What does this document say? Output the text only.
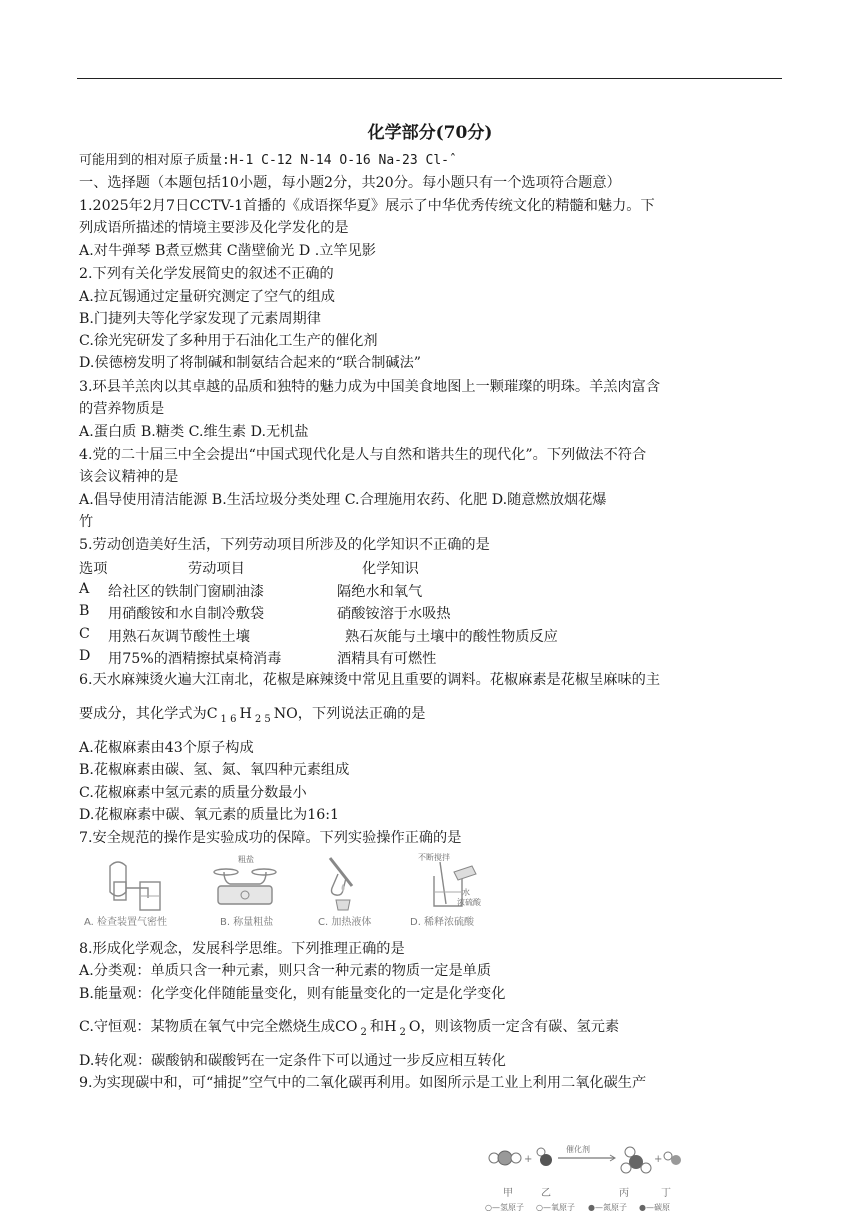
化学部分(70分)
可能用到的相对原子质量:H-1 C-12 N-14 O-16 Na-23 Cl-ˆ
一、选择题（本题包括10小题，每小题2分，共20分。每小题只有一个选项符合题意）
1.2025年2月7日CCTV-1首播的《成语探华夏》展示了中华优秀传统文化的精髓和魅力。下
列成语所描述的情境主要涉及化学发化的是
A.对牛弹琴 B煮豆燃萁 C凿壁偷光 D .立竿见影
2.下列有关化学发展简史的叙述不正确的
A.拉瓦锡通过定量研究测定了空气的组成
B.门捷列夫等化学家发现了元素周期律
C.徐光宪研发了多种用于石油化工生产的催化剂
D.侯德榜发明了将制碱和制氨结合起来的“联合制碱法”
3.环县羊羔肉以其卓越的品质和独特的魅力成为中国美食地图上一颗璀璨的明珠。羊羔肉富含
的营养物质是
A.蛋白质 B.糖类 C.维生素 D.无机盐
4.党的二十届三中全会提出“中国式现代化是人与自然和谐共生的现代化”。下列做法不符合
该会议精神的是
A.倡导使用清洁能源 B.生活垃圾分类处理 C.合理施用农药、化肥 D.随意燃放烟花爆
竹
5.劳动创造美好生活，下列劳动项目所涉及的化学知识不正确的是
选项	劳动项目	化学知识
A 给社区的铁制门窗刷油漆	隔绝水和氧气
B 用硝酸铵和水自制冷敷袋	硝酸铵溶于水吸热
C 用熟石灰调节酸性土壤	熟石灰能与土壤中的酸性物质反应
D 用75%的酒精擦拭桌椅消毒	酒精具有可燃性
6.天水麻辣烫火遍大江南北，花椒是麻辣烫中常见且重要的调料。花椒麻素是花椒呈麻味的主
要成分，其化学式为C $_{1 6}$ H $_{2 5}$ NO，下列说法正确的是
A.花椒麻素由43个原子构成
B.花椒麻素由碳、氢、氮、氧四种元素组成
C.花椒麻素中氢元素的质量分数最小
D.花椒麻素中碳、氧元素的质量比为16:1
7.安全规范的操作是实验成功的保障。下列实验操作正确的是
粗盐	不断搅拌
水
浓硫酸
A. 检查装置气密性	B. 称量粗盐	C. 加热液体	D. 稀释浓硫酸
8.形成化学观念，发展科学思维。下列推理正确的是
A.分类观：单质只含一种元素，则只含一种元素的物质一定是单质
B.能量观：化学变化伴随能量变化，则有能量变化的一定是化学变化
C.守恒观：某物质在氧气中完全燃烧生成CO $_2$ 和H $_2$ O，则该物质一定含有碳、氢元素
D.转化观：碳酸钠和碳酸钙在一定条件下可以通过一步反应相互转化
9.为实现碳中和，可“捕捉”空气中的二氧化碳再利用。如图所示是工业上利用二氧化碳生产
+	+
催化剂
甲	乙	丙	丁
○—氢原子 ○—氧原子 ●—氮原子 ●—碳原
